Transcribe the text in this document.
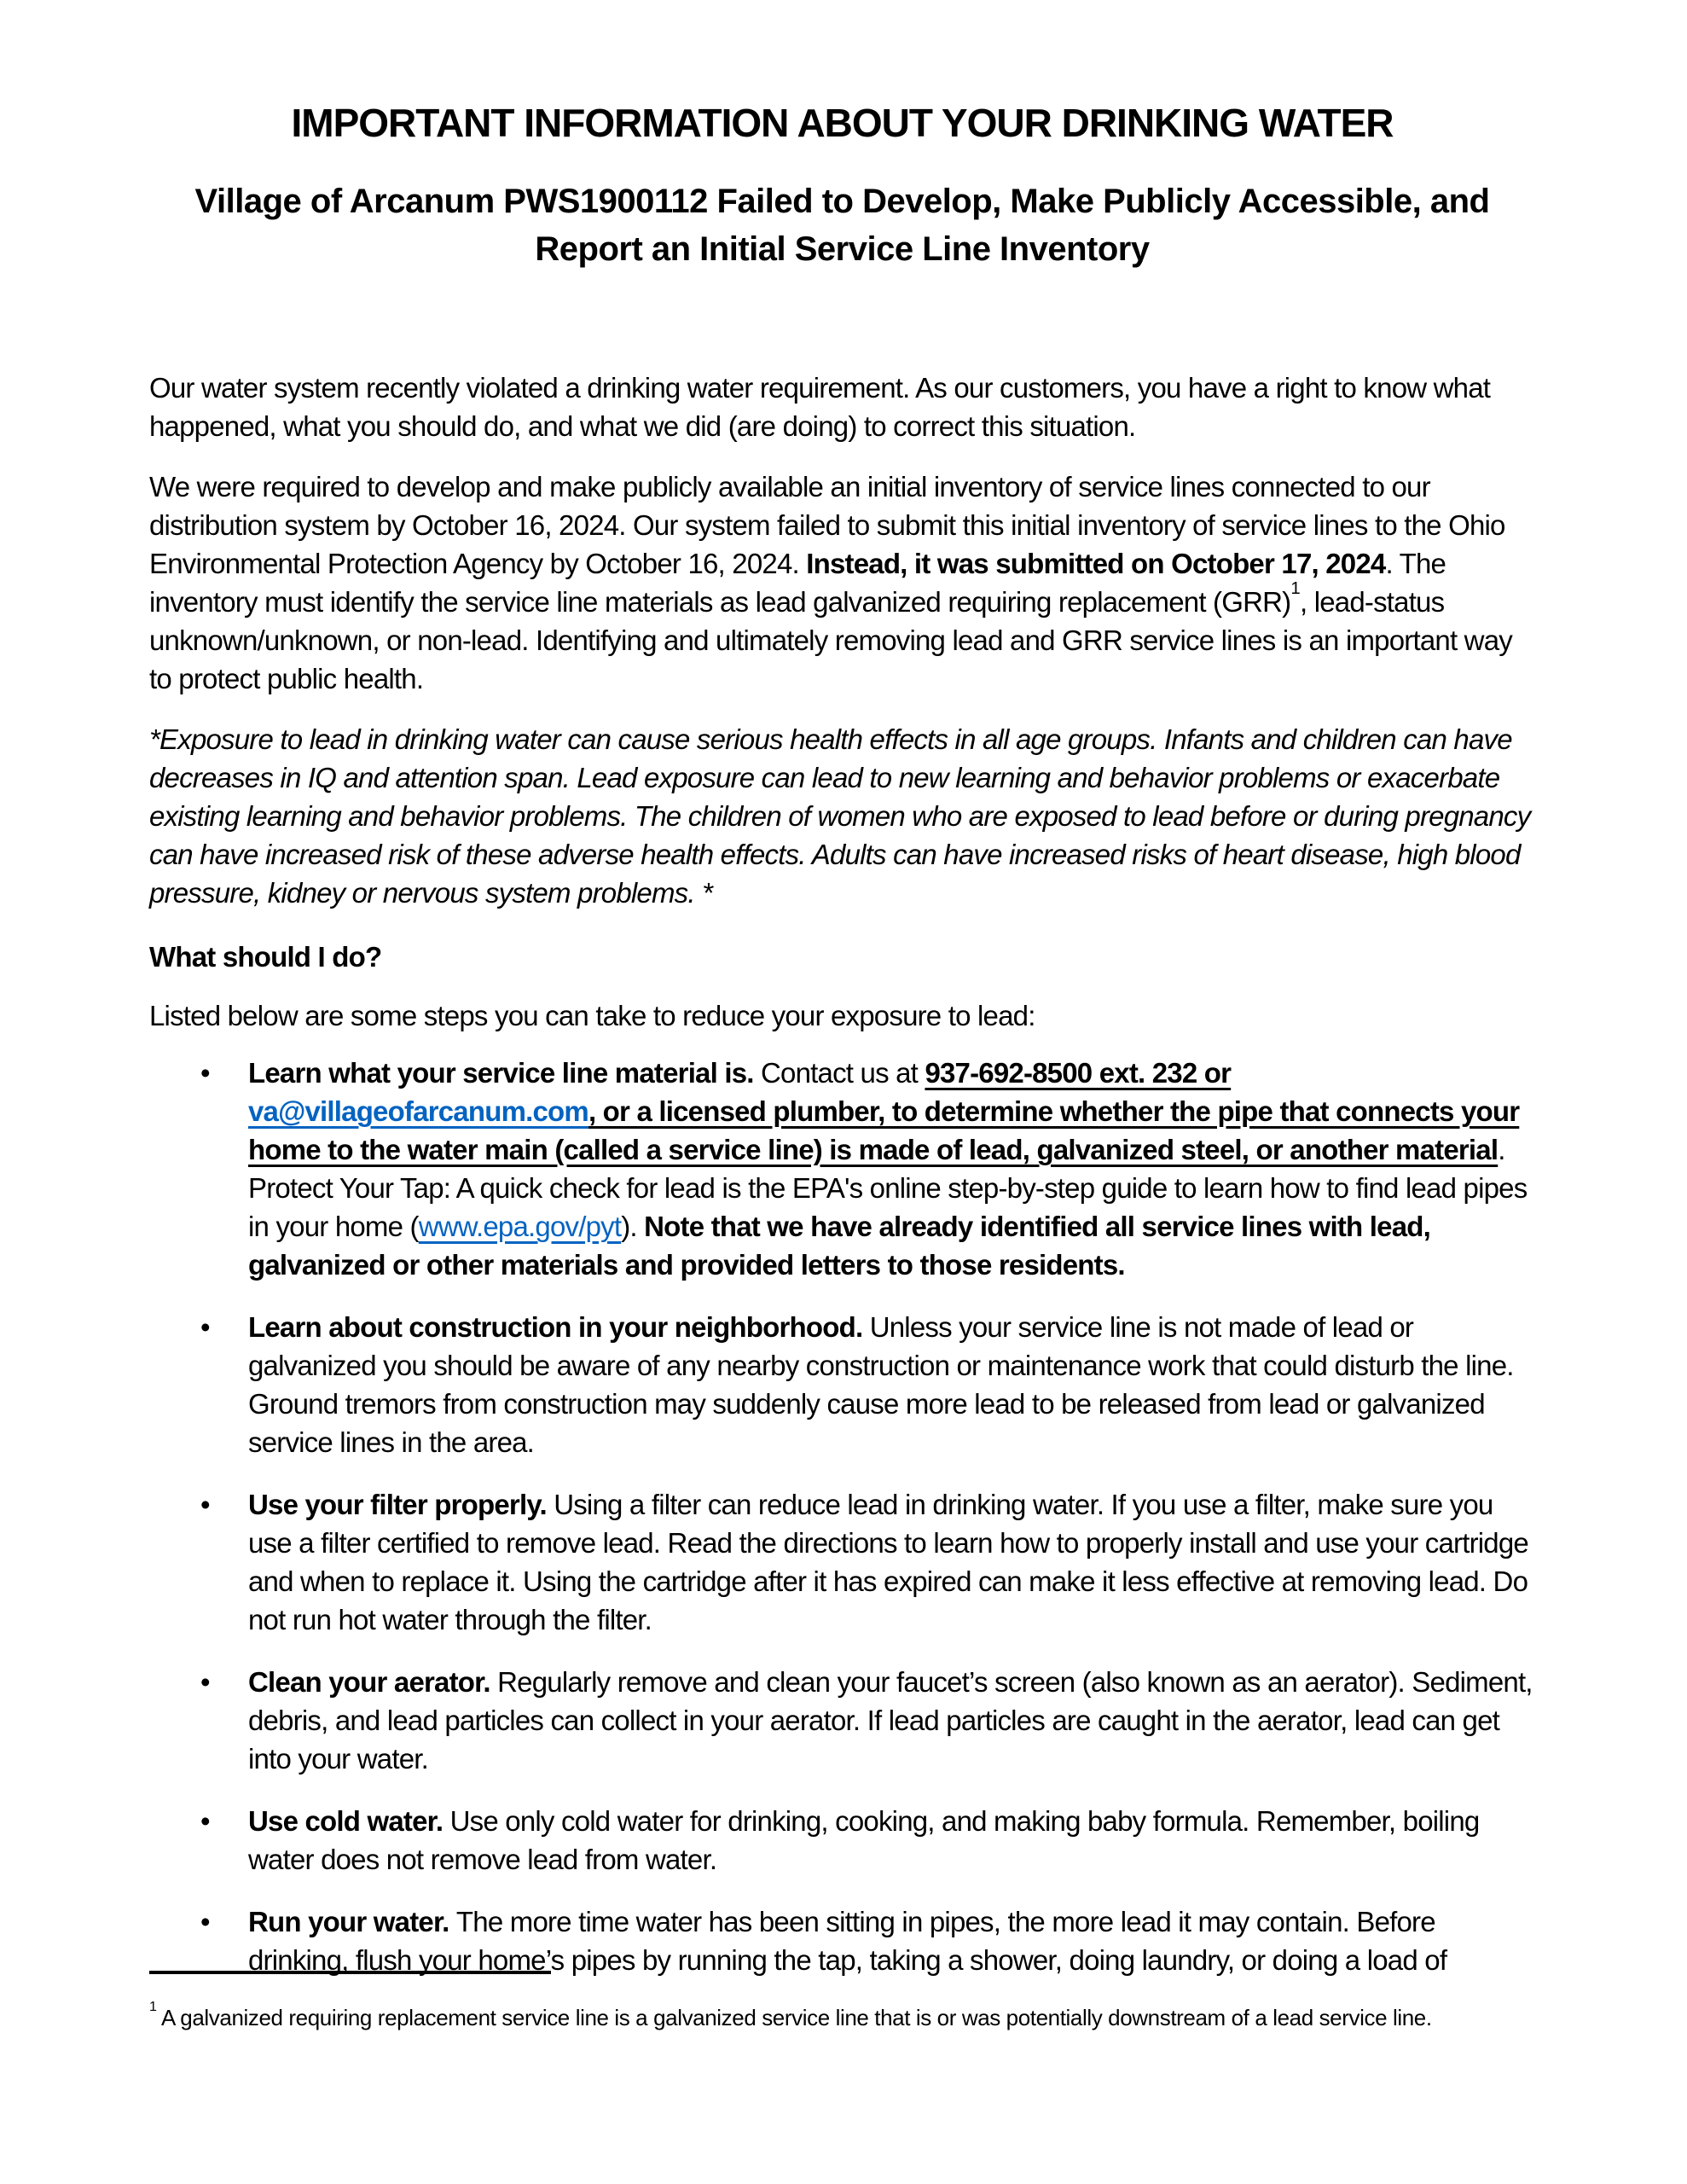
IMPORTANT INFORMATION ABOUT YOUR DRINKING WATER
Village of Arcanum PWS1900112 Failed to Develop, Make Publicly Accessible, and
Report an Initial Service Line Inventory

Our water system recently violated a drinking water requirement. As our customers, you have a right to know what happened, what you should do, and what we did (are doing) to correct this situation.

We were required to develop and make publicly available an initial inventory of service lines connected to our distribution system by October 16, 2024. Our system failed to submit this initial inventory of service lines to the Ohio Environmental Protection Agency by October 16, 2024. Instead, it was submitted on October 17, 2024. The inventory must identify the service line materials as lead galvanized requiring replacement (GRR)$^1$, lead-status unknown/unknown, or non-lead. Identifying and ultimately removing lead and GRR service lines is an important way to protect public health.

*Exposure to lead in drinking water can cause serious health effects in all age groups. Infants and children can have decreases in IQ and attention span. Lead exposure can lead to new learning and behavior problems or exacerbate existing learning and behavior problems. The children of women who are exposed to lead before or during pregnancy can have increased risk of these adverse health effects. Adults can have increased risks of heart disease, high blood pressure, kidney or nervous system problems. *

What should I do?

Listed below are some steps you can take to reduce your exposure to lead:

• Learn what your service line material is. Contact us at 937-692-8500 ext. 232 or va@villageofarcanum.com, or a licensed plumber, to determine whether the pipe that connects your home to the water main (called a service line) is made of lead, galvanized steel, or another material. Protect Your Tap: A quick check for lead is the EPA's online step-by-step guide to learn how to find lead pipes in your home (www.epa.gov/pyt). Note that we have already identified all service lines with lead, galvanized or other materials and provided letters to those residents.
• Learn about construction in your neighborhood. Unless your service line is not made of lead or galvanized you should be aware of any nearby construction or maintenance work that could disturb the line. Ground tremors from construction may suddenly cause more lead to be released from lead or galvanized service lines in the area.
• Use your filter properly. Using a filter can reduce lead in drinking water. If you use a filter, make sure you use a filter certified to remove lead. Read the directions to learn how to properly install and use your cartridge and when to replace it. Using the cartridge after it has expired can make it less effective at removing lead. Do not run hot water through the filter.
• Clean your aerator. Regularly remove and clean your faucet’s screen (also known as an aerator). Sediment, debris, and lead particles can collect in your aerator. If lead particles are caught in the aerator, lead can get into your water.
• Use cold water. Use only cold water for drinking, cooking, and making baby formula. Remember, boiling water does not remove lead from water.
• Run your water. The more time water has been sitting in pipes, the more lead it may contain. Before drinking, flush your home’s pipes by running the tap, taking a shower, doing laundry, or doing a load of

$^1$ A galvanized requiring replacement service line is a galvanized service line that is or was potentially downstream of a lead service line.
